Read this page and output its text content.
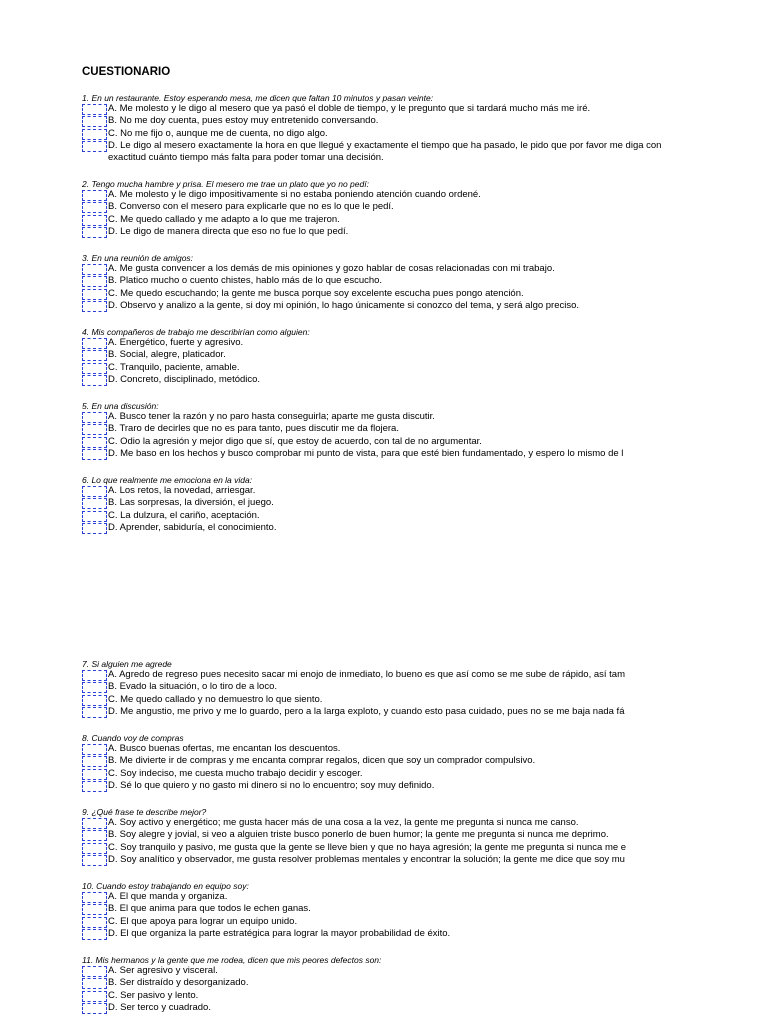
CUESTIONARIO
1. En un restaurante. Estoy esperando mesa, me dicen que faltan 10 minutos y pasan veinte:
A. Me molesto y le digo al mesero que ya pasó el doble de tiempo, y le pregunto que si tardará mucho más me iré.
B. No me doy cuenta, pues estoy muy entretenido conversando.
C. No me fijo o, aunque me de cuenta, no digo algo.
D. Le digo al mesero exactamente la hora en que llegué y exactamente el tiempo que ha pasado, le pido que por favor me diga con exactitud cuánto tiempo más falta para poder tomar una decisión.
2. Tengo mucha hambre y prisa. El mesero me trae un plato que yo no pedí:
A. Me molesto y le digo impositivamente si no estaba poniendo atención cuando ordené.
B. Converso con el mesero para explicarle que no es lo que le pedí.
C. Me quedo callado y me adapto a lo que me trajeron.
D. Le digo de manera directa que eso no fue lo que pedí.
3. En una reunión de amigos:
A. Me gusta convencer a los demás de mis opiniones y gozo hablar de cosas relacionadas con mi trabajo.
B. Platico mucho o cuento chistes, hablo más de lo que escucho.
C. Me quedo escuchando; la gente me busca porque soy excelente escucha pues pongo atención.
D. Observo y analizo a la gente, si doy mi opinión, lo hago únicamente si conozco del tema, y será algo preciso.
4. Mis compañeros de trabajo me describirían como alguien:
A. Energético, fuerte y agresivo.
B. Social, alegre, platicador.
C. Tranquilo, paciente, amable.
D. Concreto, disciplinado, metódico.
5. En una discusión:
A. Busco tener la razón y no paro hasta conseguirla; aparte me gusta discutir.
B. Traro de decirles que no es para tanto, pues discutir me da flojera.
C. Odio la agresión y mejor digo que sí, que estoy de acuerdo, con tal de no argumentar.
D. Me baso en los hechos y busco comprobar mi punto de vista, para que esté bien fundamentado, y espero lo mismo de l
6. Lo que realmente me emociona en la vida:
A. Los retos, la novedad, arriesgar.
B. Las sorpresas, la diversión, el juego.
C. La dulzura, el cariño, aceptación.
D. Aprender, sabiduría, el conocimiento.
7. Si alguien me agrede
A. Agredo de regreso pues necesito sacar mi enojo de inmediato, lo bueno es que así como se me sube de rápido, así tam
B. Evado la situación, o lo tiro de a loco.
C. Me quedo callado y no demuestro lo que siento.
D. Me angustio, me privo y me lo guardo, pero a la larga exploto, y cuando esto pasa cuidado, pues no se me baja nada fá
8. Cuando voy de compras
A. Busco buenas ofertas, me encantan los descuentos.
B. Me divierte ir de compras y me encanta comprar regalos, dicen que soy un comprador compulsivo.
C. Soy indeciso, me cuesta mucho trabajo decidir y escoger.
D. Sé lo que quiero y no gasto mi dinero si no lo encuentro; soy muy definido.
9. ¿Qué frase te describe mejor?
A. Soy activo y energético; me gusta hacer más de una cosa a la vez, la gente me pregunta si nunca me canso.
B. Soy alegre y jovial, si veo a alguien triste busco ponerlo de buen humor; la gente me pregunta si nunca me deprimo.
C. Soy tranquilo y pasivo, me gusta que la gente se lleve bien y que no haya agresión; la gente me pregunta si nunca me e
D. Soy analítico y observador, me gusta resolver problemas mentales y encontrar la solución; la gente me dice que soy mu
10. Cuando estoy trabajando en equipo soy:
A. El que manda y organiza.
B. El que anima para que todos le echen ganas.
C. El que apoya para lograr un equipo unido.
D. El que organiza la parte estratégica para lograr la mayor probabilidad de éxito.
11. Mis hermanos y la gente que me rodea, dicen que mis peores defectos son:
A. Ser agresivo y visceral.
B. Ser distraído y desorganizado.
C. Ser pasivo y lento.
D. Ser terco y cuadrado.
